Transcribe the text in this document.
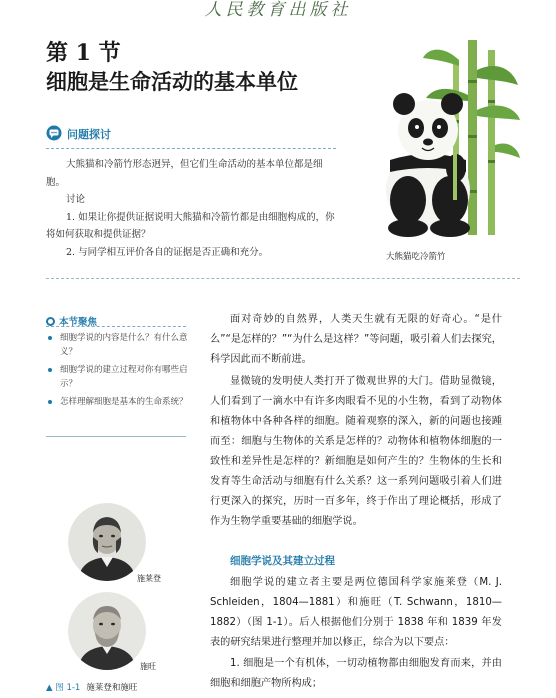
人民教育出版社
第 1 节
细胞是生命活动的基本单位
问题探讨

大熊猫和冷箭竹形态迥异，但它们生命活动的基本单位都是细胞。

讨论

1. 如果让你提供证据说明大熊猫和冷箭竹都是由细胞构成的，你将如何获取和提供证据？

2. 与同学相互评价各自的证据是否正确和充分。	大熊猫吃冷箭竹
本节聚焦
细胞学说的内容是什么？有什么意义？
细胞学说的建立过程对你有哪些启示？
怎样理解细胞是基本的生命系统？
施莱登
施旺
▲ 图 1-1 施莱登和施旺

面对奇妙的自然界，人类天生就有无限的好奇心。“是什么”“是怎样的？”“为什么是这样？”等问题，吸引着人们去探究，科学因此而不断前进。

显微镜的发明使人类打开了微观世界的大门。借助显微镜，人们看到了一滴水中有许多肉眼看不见的小生物，看到了动物体和植物体中各种各样的细胞。随着观察的深入，新的问题也接踵而至：细胞与生物体的关系是怎样的？动物体和植物体细胞的一致性和差异性是怎样的？新细胞是如何产生的？生物体的生长和发育等生命活动与细胞有什么关系？这一系列问题吸引着人们进行更深入的探究，历时一百多年，终于作出了理论概括，形成了作为生物学重要基础的细胞学说。

细胞学说及其建立过程

细胞学说的建立者主要是两位德国科学家施莱登（M. J. Schleiden，1804—1881）和施旺（T. Schwann，1810—1882）（图 1-1）。后人根据他们分别于 1838 年和 1839 年发表的研究结果进行整理并加以修正，综合为以下要点：

1. 细胞是一个有机体，一切动植物都由细胞发育而来，并由细胞和细胞产物所构成；
